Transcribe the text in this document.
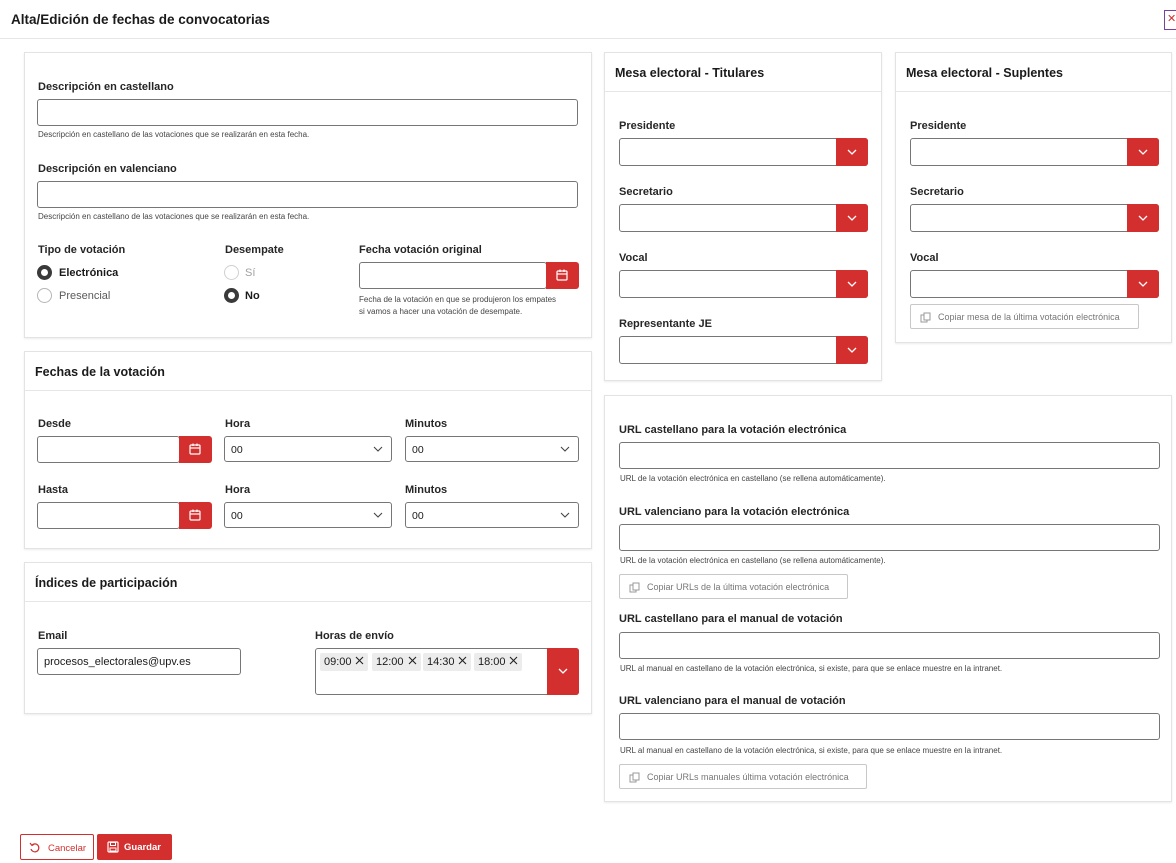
Alta/Edición de fechas de convocatorias	✕
Descripción en castellano
Descripción en castellano de las votaciones que se realizarán en esta fecha.
Descripción en valenciano
Descripción en castellano de las votaciones que se realizarán en esta fecha.
Tipo de votación
Electrónica
Presencial
Desempate
Sí
No
Fecha votación original
Fecha de la votación en que se produjeron los empates
si vamos a hacer una votación de desempate.
Fechas de la votación
Desde	Hora
00
Minutos
00
Hasta	Hora
00
Minutos
00
Índices de participación
Email
procesos_electorales@upv.es
Horas de envío
09:00	12:00	14:30	18:00
Mesa electoral - Titulares
Presidente
Secretario
Vocal
Representante JE
Mesa electoral - Suplentes
Presidente
Secretario
Vocal
Copiar mesa de la última votación electrónica
URL castellano para la votación electrónica
URL de la votación electrónica en castellano (se rellena automáticamente).
URL valenciano para la votación electrónica
URL de la votación electrónica en castellano (se rellena automáticamente).
Copiar URLs de la última votación electrónica
URL castellano para el manual de votación
URL al manual en castellano de la votación electrónica, si existe, para que se enlace muestre en la intranet.
URL valenciano para el manual de votación
URL al manual en castellano de la votación electrónica, si existe, para que se enlace muestre en la intranet.
Copiar URLs manuales última votación electrónica
Cancelar	Guardar
